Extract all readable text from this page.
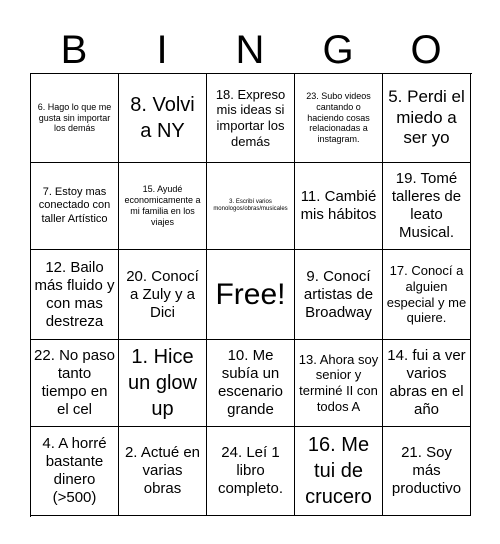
B	I	N	G	O
6. Hago lo que me gusta sin importar los demás
8. Volvi a NY
18. Expreso mis ideas si importar los demás
23. Subo videos cantando o haciendo cosas relacionadas a instagram.
5. Perdi el miedo a ser yo
7. Estoy mas conectado con taller Artístico
15. Ayudé economicamente a mi familia en los viajes
3. Escribí varios monologos/obras/musicales
11. Cambié mis hábitos
19. Tomé talleres de leato Musical.
12. Bailo más fluido y con mas destreza
20. Conocí a Zuly y a Dici
Free!
9. Conocí artistas de Broadway
17. Conocí a alguien especial y me quiere.
22. No paso tanto tiempo en el cel
1. Hice un glow up
10. Me subía un escenario grande
13. Ahora soy senior y terminé II con todos A
14. fui a ver varios abras en el año
4. A horré bastante dinero (>500)
2. Actué en varias obras
24. Leí 1 libro completo.
16. Me tui de crucero
21. Soy más productivo
